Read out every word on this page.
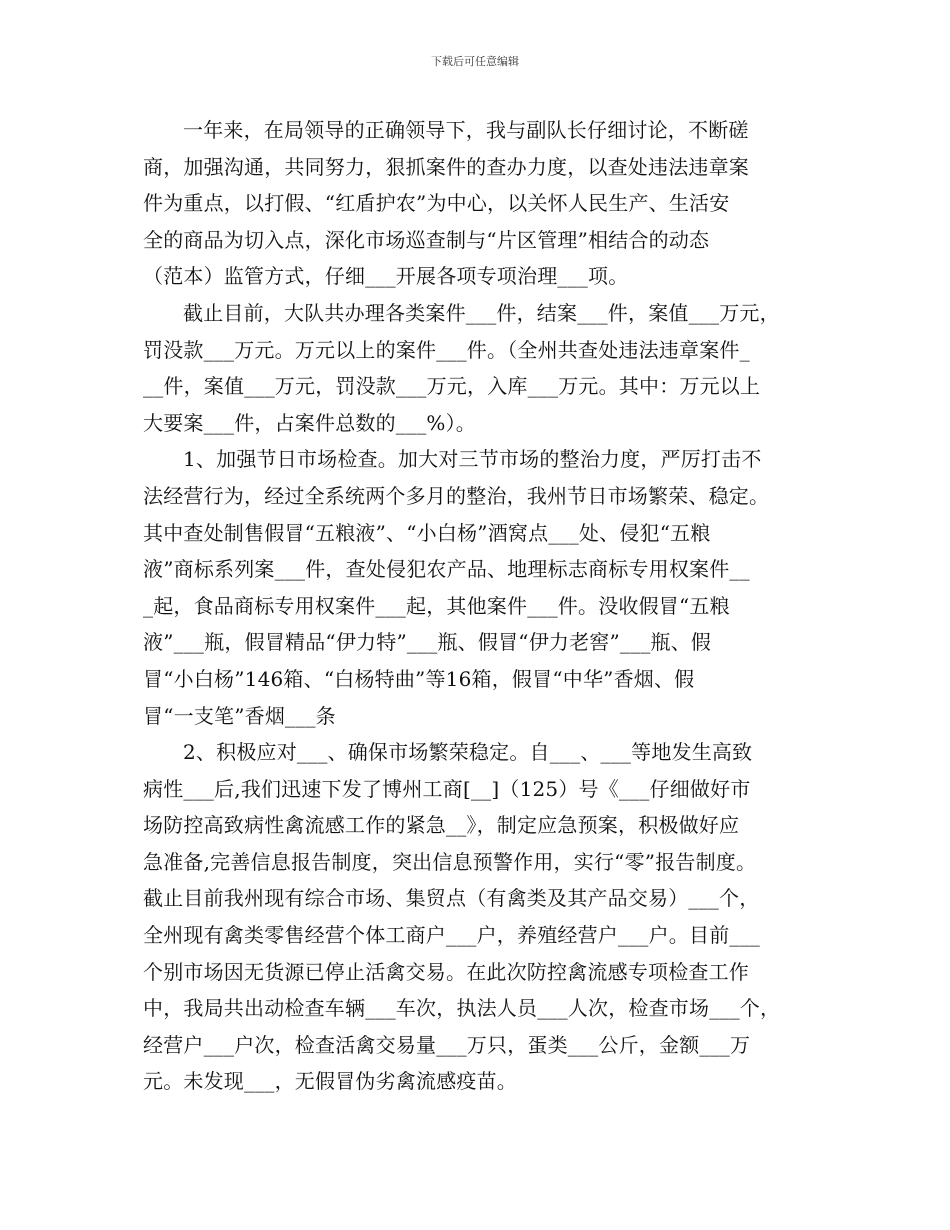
下载后可任意编辑
一年来，在局领导的正确领导下，我与副队长仔细讨论，不断磋
商，加强沟通，共同努力，狠抓案件的查办力度，以查处违法违章案
件为重点，以打假、“红盾护农”为中心，以关怀人民生产、生活安
全的商品为切入点，深化市场巡查制与“片区管理”相结合的动态
（范本）监管方式，仔细___开展各项专项治理___项。
截止目前，大队共办理各类案件___件，结案___件，案值___万元，
罚没款___万元。万元以上的案件___件。（全州共查处违法违章案件_
__件，案值___万元，罚没款___万元，入库___万元。其中：万元以上
大要案___件，占案件总数的___%）。
1、加强节日市场检查。加大对三节市场的整治力度，严厉打击不
法经营行为，经过全系统两个多月的整治，我州节日市场繁荣、稳定。
其中查处制售假冒“五粮液”、“小白杨”酒窝点___处、侵犯“五粮
液”商标系列案___件，查处侵犯农产品、地理标志商标专用权案件__
_起，食品商标专用权案件___起，其他案件___件。没收假冒“五粮
液”___瓶，假冒精品“伊力特”___瓶、假冒“伊力老窖”___瓶、假
冒“小白杨”146箱、“白杨特曲”等16箱，假冒“中华”香烟、假
冒“一支笔”香烟___条
2、积极应对___、确保市场繁荣稳定。自___、___等地发生高致
病性___后,我们迅速下发了博州工商[__]（125）号《___仔细做好市
场防控高致病性禽流感工作的紧急__》，制定应急预案，积极做好应
急准备,完善信息报告制度，突出信息预警作用，实行“零”报告制度。
截止目前我州现有综合市场、集贸点（有禽类及其产品交易）___个，
全州现有禽类零售经营个体工商户___户，养殖经营户___户。目前___
个别市场因无货源已停止活禽交易。在此次防控禽流感专项检查工作
中，我局共出动检查车辆___车次，执法人员___人次，检查市场___个，
经营户___户次，检查活禽交易量___万只，蛋类___公斤，金额___万
元。未发现___，无假冒伪劣禽流感疫苗。
